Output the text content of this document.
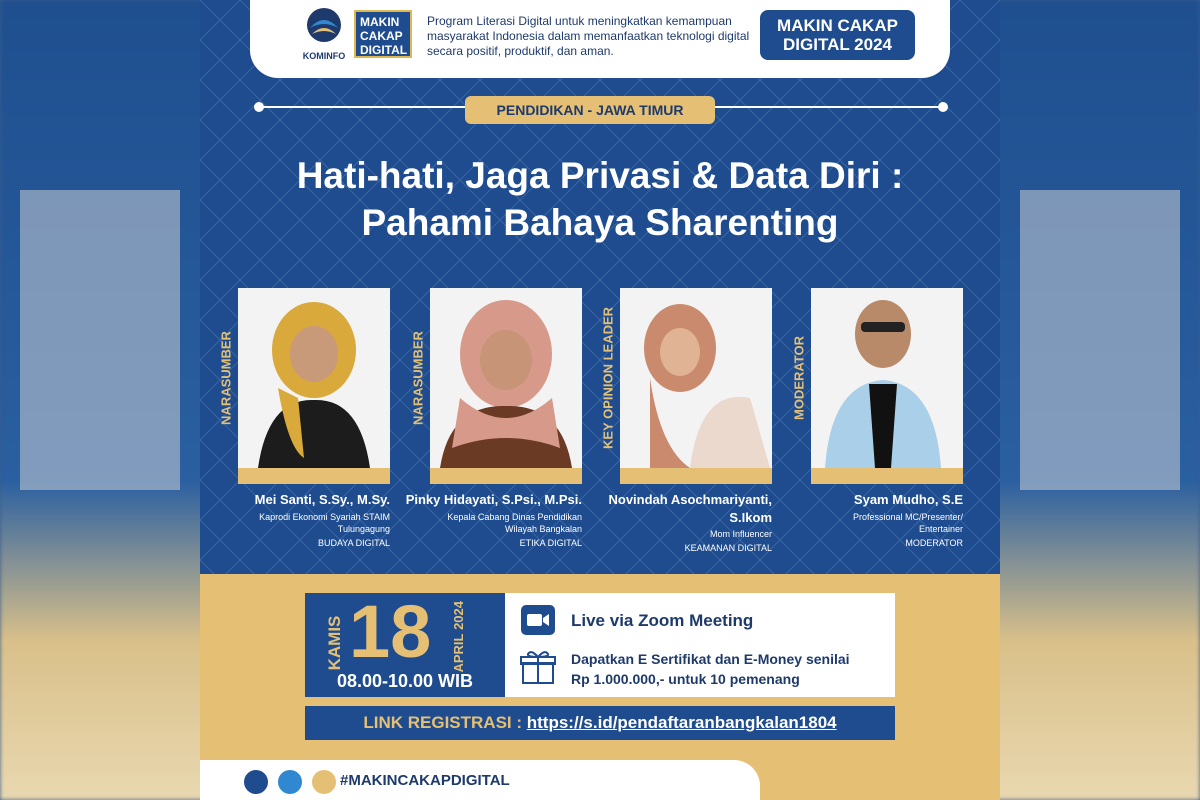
KOMINFO
MAKIN
CAKAP
DIGITAL
Program Literasi Digital untuk meningkatkan kemampuan masyarakat Indonesia dalam memanfaatkan teknologi digital secara positif, produktif, dan aman.
MAKIN CAKAP
DIGITAL 2024
PENDIDIKAN - JAWA TIMUR
Hati-hati, Jaga Privasi & Data Diri :
Pahami Bahaya Sharenting
NARASUMBER
Mei Santi, S.Sy., M.Sy.
Kaprodi Ekonomi Syariah STAIM
Tulungagung
BUDAYA DIGITAL
NARASUMBER
Pinky Hidayati, S.Psi., M.Psi.
Kepala Cabang Dinas Pendidikan
Wilayah Bangkalan
ETIKA DIGITAL
KEY OPINION LEADER
Novindah Asochmariyanti,
S.Ikom
Mom Influencer
KEAMANAN DIGITAL
MODERATOR
Syam Mudho, S.E
Professional MC/Presenter/
Entertainer
MODERATOR
KAMIS 18 APRIL 2024
08.00-10.00 WIB
Live via Zoom Meeting
Dapatkan E Sertifikat dan E-Money senilai
Rp 1.000.000,- untuk 10 pemenang
LINK REGISTRASI : https://s.id/pendaftaranbangkalan1804
#MAKINCAKAPDIGITAL
